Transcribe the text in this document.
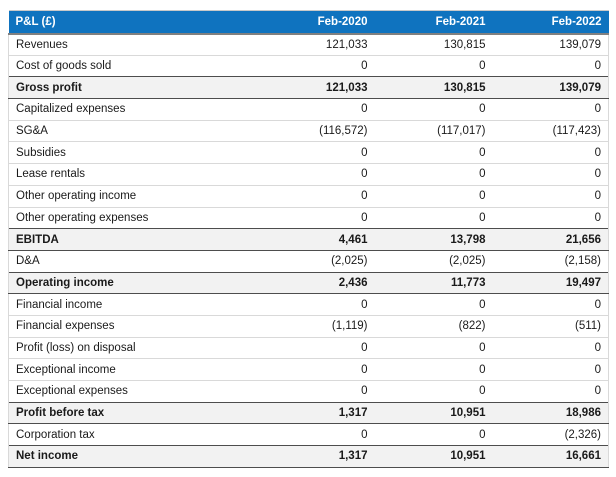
P&L (£)	Feb-2020	Feb-2021	Feb-2022
Revenues	121,033	130,815	139,079
Cost of goods sold	0	0	0
Gross profit	121,033	130,815	139,079
Capitalized expenses	0	0	0
SG&A	(116,572)	(117,017)	(117,423)
Subsidies	0	0	0
Lease rentals	0	0	0
Other operating income	0	0	0
Other operating expenses	0	0	0
EBITDA	4,461	13,798	21,656
D&A	(2,025)	(2,025)	(2,158)
Operating income	2,436	11,773	19,497
Financial income	0	0	0
Financial expenses	(1,119)	(822)	(511)
Profit (loss) on disposal	0	0	0
Exceptional income	0	0	0
Exceptional expenses	0	0	0
Profit before tax	1,317	10,951	18,986
Corporation tax	0	0	(2,326)
Net income	1,317	10,951	16,661
